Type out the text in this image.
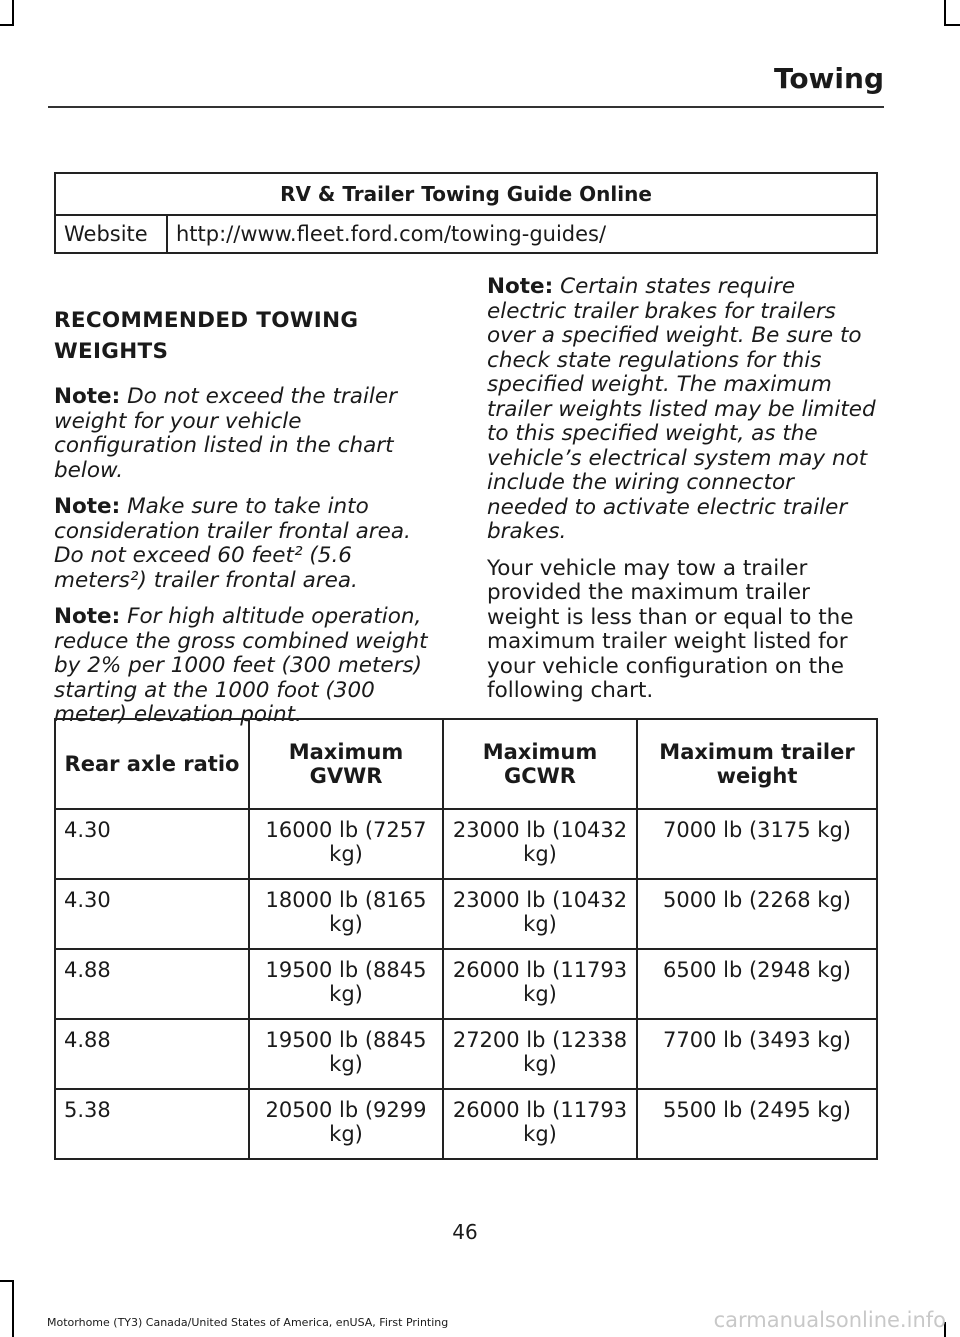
Towing
RV & Trailer Towing Guide Online
Website	http://www.fleet.ford.com/towing-guides/
RECOMMENDED TOWING
WEIGHTS

Note: Do not exceed the trailer weight for your vehicle configuration listed in the chart below.

Note: Make sure to take into consideration trailer frontal area. Do not exceed 60 feet² (5.6 meters²) trailer frontal area.

Note: For high altitude operation, reduce the gross combined weight by 2% per 1000 feet (300 meters) starting at the 1000 foot (300 meter) elevation point.

Note: Certain states require electric trailer brakes for trailers over a specified weight. Be sure to check state regulations for this specified weight. The maximum trailer weights listed may be limited to this specified weight, as the vehicle’s electrical system may not include the wiring connector needed to activate electric trailer brakes.

Your vehicle may tow a trailer provided the maximum trailer weight is less than or equal to the maximum trailer weight listed for your vehicle configuration on the following chart.

Rear axle ratio	Maximum GVWR	Maximum GCWR	Maximum trailer weight
4.30	16000 lb (7257 kg)	23000 lb (10432 kg)	7000 lb (3175 kg)
4.30	18000 lb (8165 kg)	23000 lb (10432 kg)	5000 lb (2268 kg)
4.88	19500 lb (8845 kg)	26000 lb (11793 kg)	6500 lb (2948 kg)
4.88	19500 lb (8845 kg)	27200 lb (12338 kg)	7700 lb (3493 kg)
5.38	20500 lb (9299 kg)	26000 lb (11793 kg)	5500 lb (2495 kg)
46
Motorhome (TY3) Canada/United States of America, enUSA, First Printing	carmanualsonline.info
